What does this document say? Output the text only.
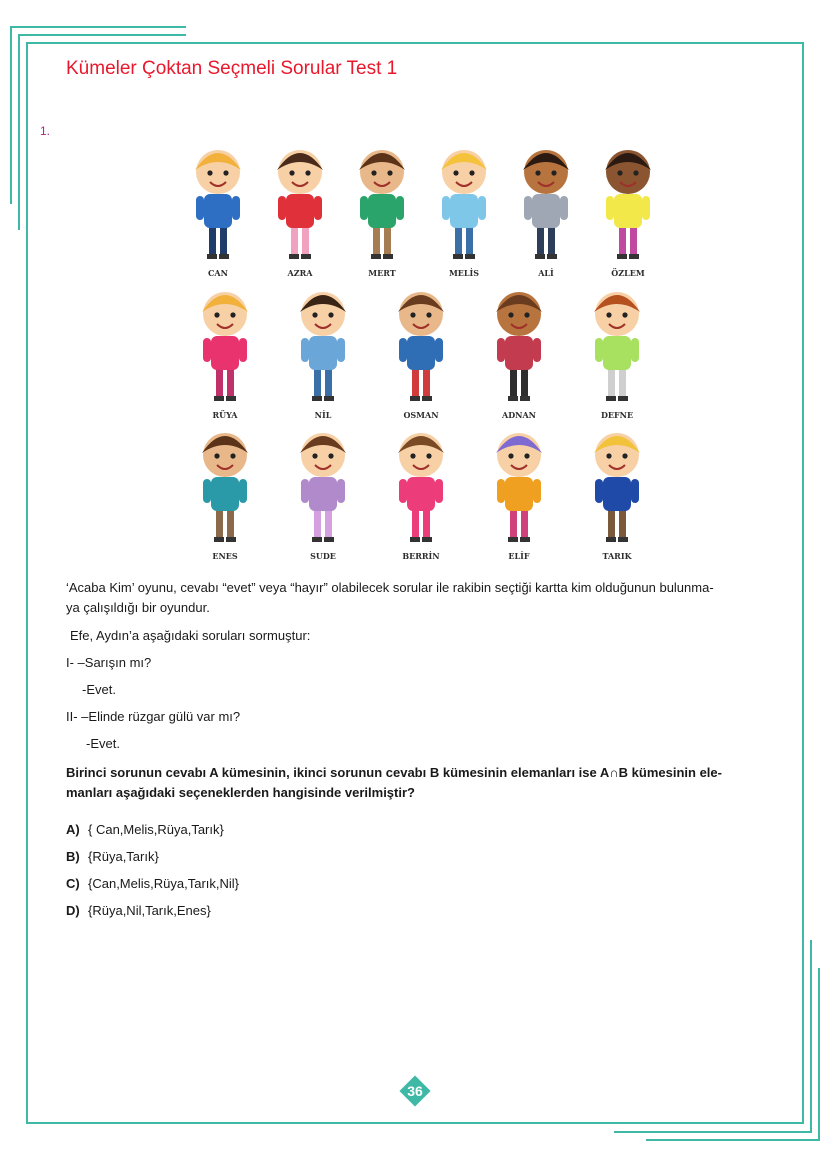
Kümeler Çoktan Seçmeli Sorular Test 1
1.
CAN	AZRA	MERT	MELİS	ALİ	ÖZLEM
RÜYA	NİL	OSMAN	ADNAN	DEFNE
ENES	SUDE	BERRİN	ELİF	TARIK
‘Acaba Kim’ oyunu, cevabı “evet” veya “hayır” olabilecek sorular ile rakibin seçtiği kartta kim olduğunun bulunma-
ya çalışıldığı bir oyundur.
Efe, Aydın’a aşağıdaki soruları sormuştur:
I- –Sarışın mı?
-Evet.
II- –Elinde rüzgar gülü var mı?
-Evet.
Birinci sorunun cevabı A kümesinin, ikinci sorunun cevabı B kümesinin elemanları ise A∩B kümesinin ele-
manları aşağıdaki seçeneklerden hangisinde verilmiştir?
A) { Can,Melis,Rüya,Tarık}
B) {Rüya,Tarık}
C) {Can,Melis,Rüya,Tarık,Nil}
D) {Rüya,Nil,Tarık,Enes}
36
